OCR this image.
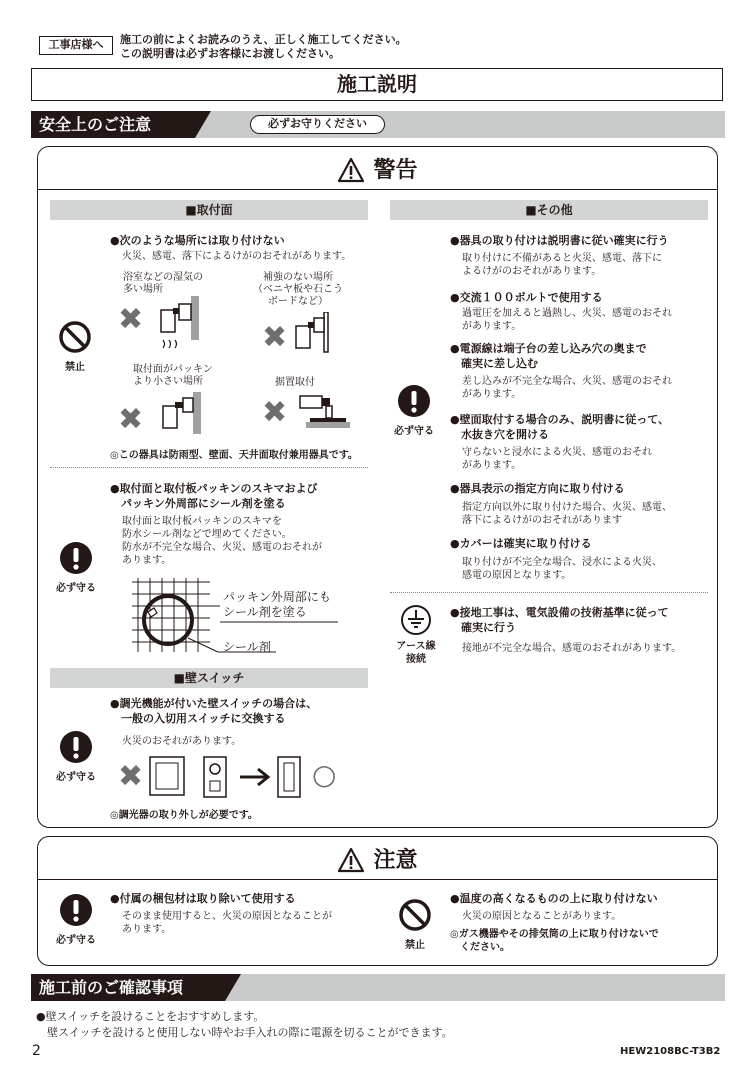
工事店様へ	施工の前によくお読みのうえ、正しく施工してください。
この説明書は必ずお客様にお渡しください。
施工説明
安全上のご注意	必ずお守りください
警告
■取付面
●次のような場所には取り付けない
火災、感電、落下によるけがのおそれがあります。
禁止
浴室などの湿気の
多い場所
✖
補強のない場所
（ベニヤ板や石こう
ボードなど）
✖
取付面がパッキン
より小さい場所
✖
据置取付
✖
◎この器具は防雨型、壁面、天井面取付兼用器具です。
必ず守る
●取付面と取付板パッキンのスキマおよび
　パッキン外周部にシール剤を塗る
取付面と取付板パッキンのスキマを
防水シール剤などで埋めてください。
防水が不完全な場合、火災、感電のおそれが
あります。
パッキン外周部にも
シール剤を塗る
シール剤
■壁スイッチ
●調光機能が付いた壁スイッチの場合は、
　一般の入切用スイッチに交換する
火災のおそれがあります。
必ず守る ✖	○
◎調光器の取り外しが必要です。
■その他
●器具の取り付けは説明書に従い確実に行う
取り付けに不備があると火災、感電、落下に
よるけがのおそれがあります。
●交流１００ボルトで使用する
過電圧を加えると過熱し、火災、感電のおそれ
があります。
●電源線は端子台の差し込み穴の奥まで
　確実に差し込む
差し込みが不完全な場合、火災、感電のおそれ
があります。
●壁面取付する場合のみ、説明書に従って、
　水抜き穴を開ける
守らないと浸水による火災、感電のおそれ
があります。
●器具表示の指定方向に取り付ける
指定方向以外に取り付けた場合、火災、感電、
落下によるけがのおそれがあります
●カバーは確実に取り付ける
取り付けが不完全な場合、浸水による火災、
感電の原因となります。
必ず守る
アース線
接続
●接地工事は、電気設備の技術基準に従って
　確実に行う
接地が不完全な場合、感電のおそれがあります。
注意
必ず守る
●付属の梱包材は取り除いて使用する
そのまま使用すると、火災の原因となることが
あります。
禁止
●温度の高くなるものの上に取り付けない
火災の原因となることがあります。
◎ガス機器やその排気筒の上に取り付けないで
　ください。
施工前のご確認事項
●壁スイッチを設けることをおすすめします。
　壁スイッチを設けると使用しない時やお手入れの際に電源を切ることができます。
2	HEW2108BC-T3B2
